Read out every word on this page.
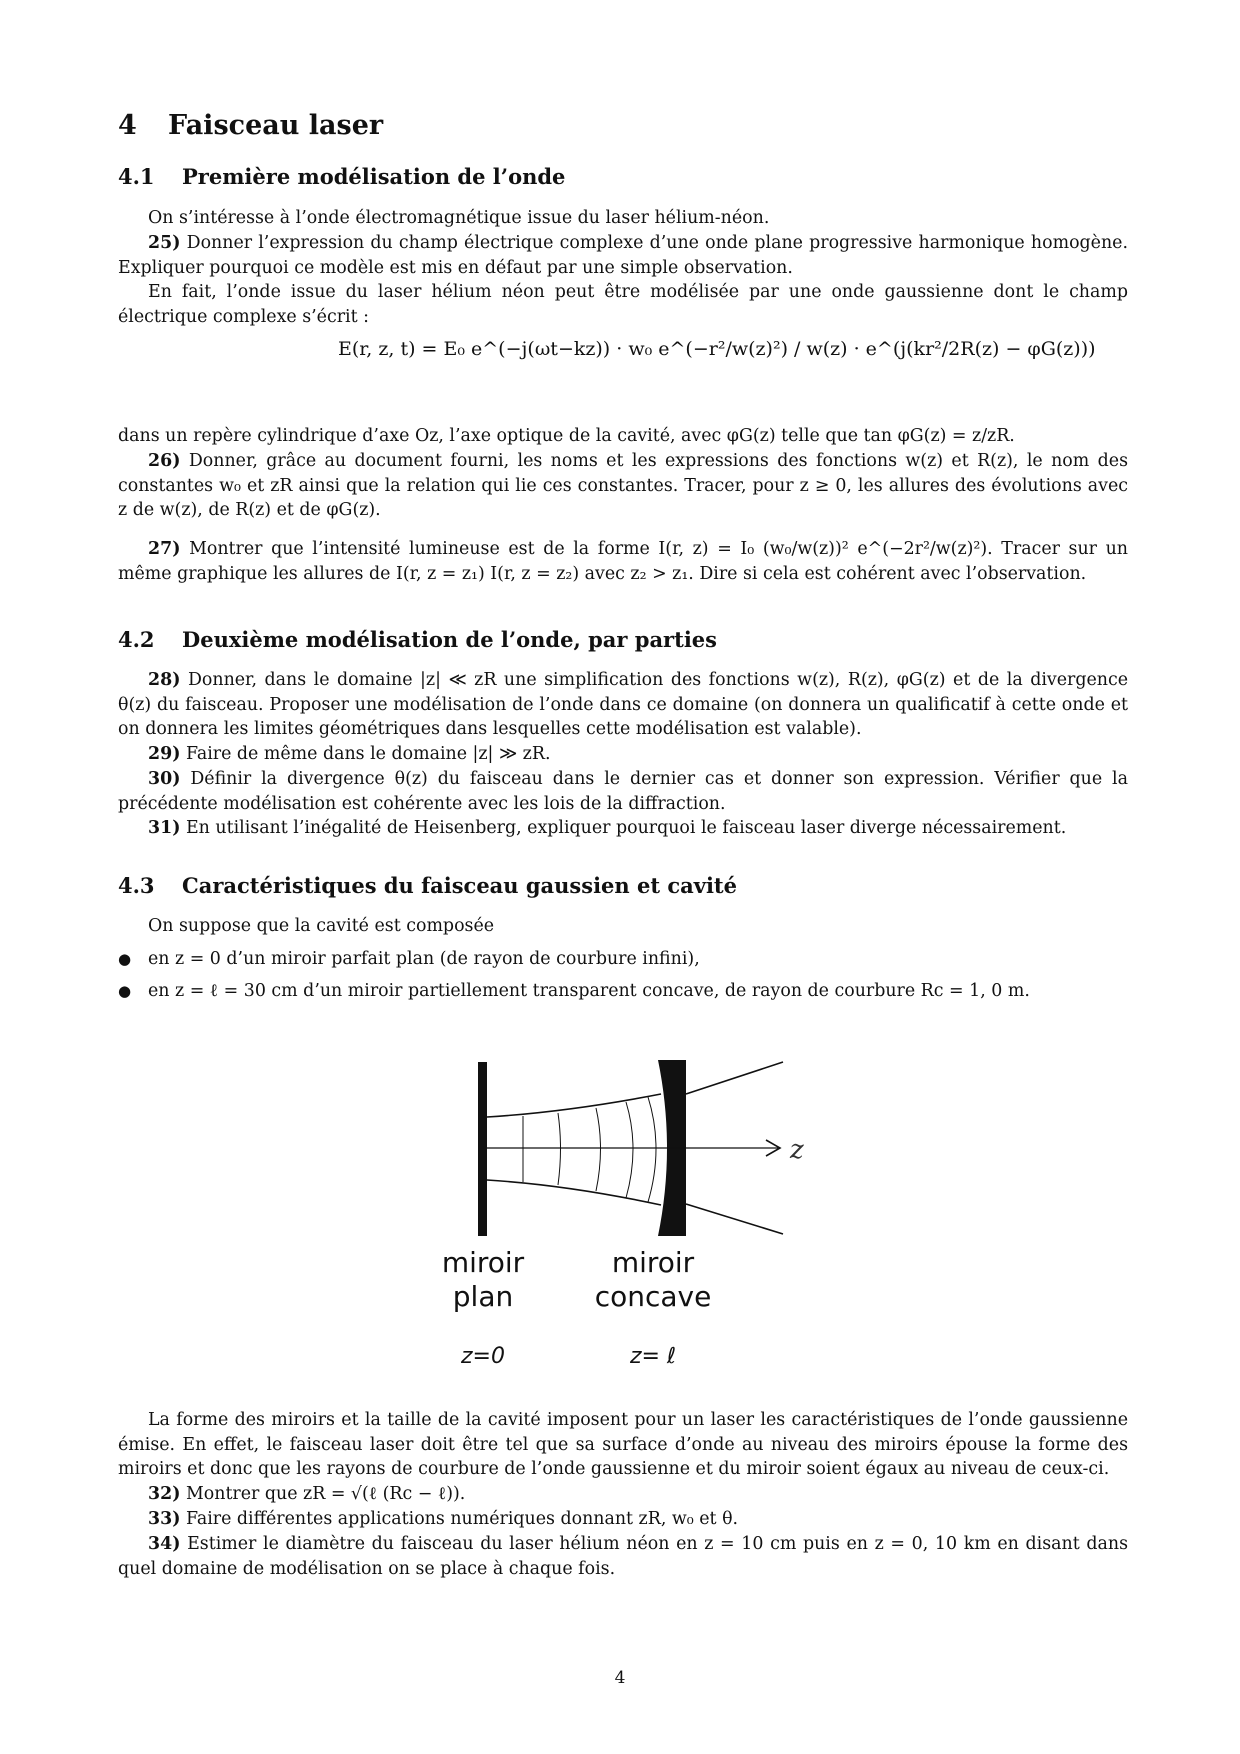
4 Faisceau laser
4.1 Première modélisation de l’onde

On s’intéresse à l’onde électromagnétique issue du laser hélium-néon.

25) Donner l’expression du champ électrique complexe d’une onde plane progressive harmonique homogène. Expliquer pourquoi ce modèle est mis en défaut par une simple observation.

En fait, l’onde issue du laser hélium néon peut être modélisée par une onde gaussienne dont le champ électrique complexe s’écrit :

E(r, z, t) = E₀ e^(−j(ωt−kz)) · w₀ e^(−r²/w(z)²) / w(z) · e^(j(kr²/2R(z) − φG(z)))

dans un repère cylindrique d’axe Oz, l’axe optique de la cavité, avec φG(z) telle que tan φG(z) = z/zR.

26) Donner, grâce au document fourni, les noms et les expressions des fonctions w(z) et R(z), le nom des constantes w₀ et zR ainsi que la relation qui lie ces constantes. Tracer, pour z ≥ 0, les allures des évolutions avec z de w(z), de R(z) et de φG(z).

27) Montrer que l’intensité lumineuse est de la forme I(r, z) = I₀ (w₀/w(z))² e^(−2r²/w(z)²). Tracer sur un même graphique les allures de I(r, z = z₁) I(r, z = z₂) avec z₂ > z₁. Dire si cela est cohérent avec l’observation.

4.2 Deuxième modélisation de l’onde, par parties

28) Donner, dans le domaine |z| ≪ zR une simplification des fonctions w(z), R(z), φG(z) et de la divergence θ(z) du faisceau. Proposer une modélisation de l’onde dans ce domaine (on donnera un qualificatif à cette onde et on donnera les limites géométriques dans lesquelles cette modélisation est valable).

29) Faire de même dans le domaine |z| ≫ zR.

30) Définir la divergence θ(z) du faisceau dans le dernier cas et donner son expression. Vérifier que la précédente modélisation est cohérente avec les lois de la diffraction.

31) En utilisant l’inégalité de Heisenberg, expliquer pourquoi le faisceau laser diverge nécessairement.

4.3 Caractéristiques du faisceau gaussien et cavité

On suppose que la cavité est composée

● en z = 0 d’un miroir parfait plan (de rayon de courbure infini),
● en z = ℓ = 30 cm d’un miroir partiellement transparent concave, de rayon de courbure Rc = 1, 0 m.
z
miroir
plan
z=0
miroir
concave
z= ℓ

La forme des miroirs et la taille de la cavité imposent pour un laser les caractéristiques de l’onde gaussienne émise. En effet, le faisceau laser doit être tel que sa surface d’onde au niveau des miroirs épouse la forme des miroirs et donc que les rayons de courbure de l’onde gaussienne et du miroir soient égaux au niveau de ceux-ci.

32) Montrer que zR = √(ℓ (Rc − ℓ)).

33) Faire différentes applications numériques donnant zR, w₀ et θ.

34) Estimer le diamètre du faisceau du laser hélium néon en z = 10 cm puis en z = 0, 10 km en disant dans quel domaine de modélisation on se place à chaque fois.

4
